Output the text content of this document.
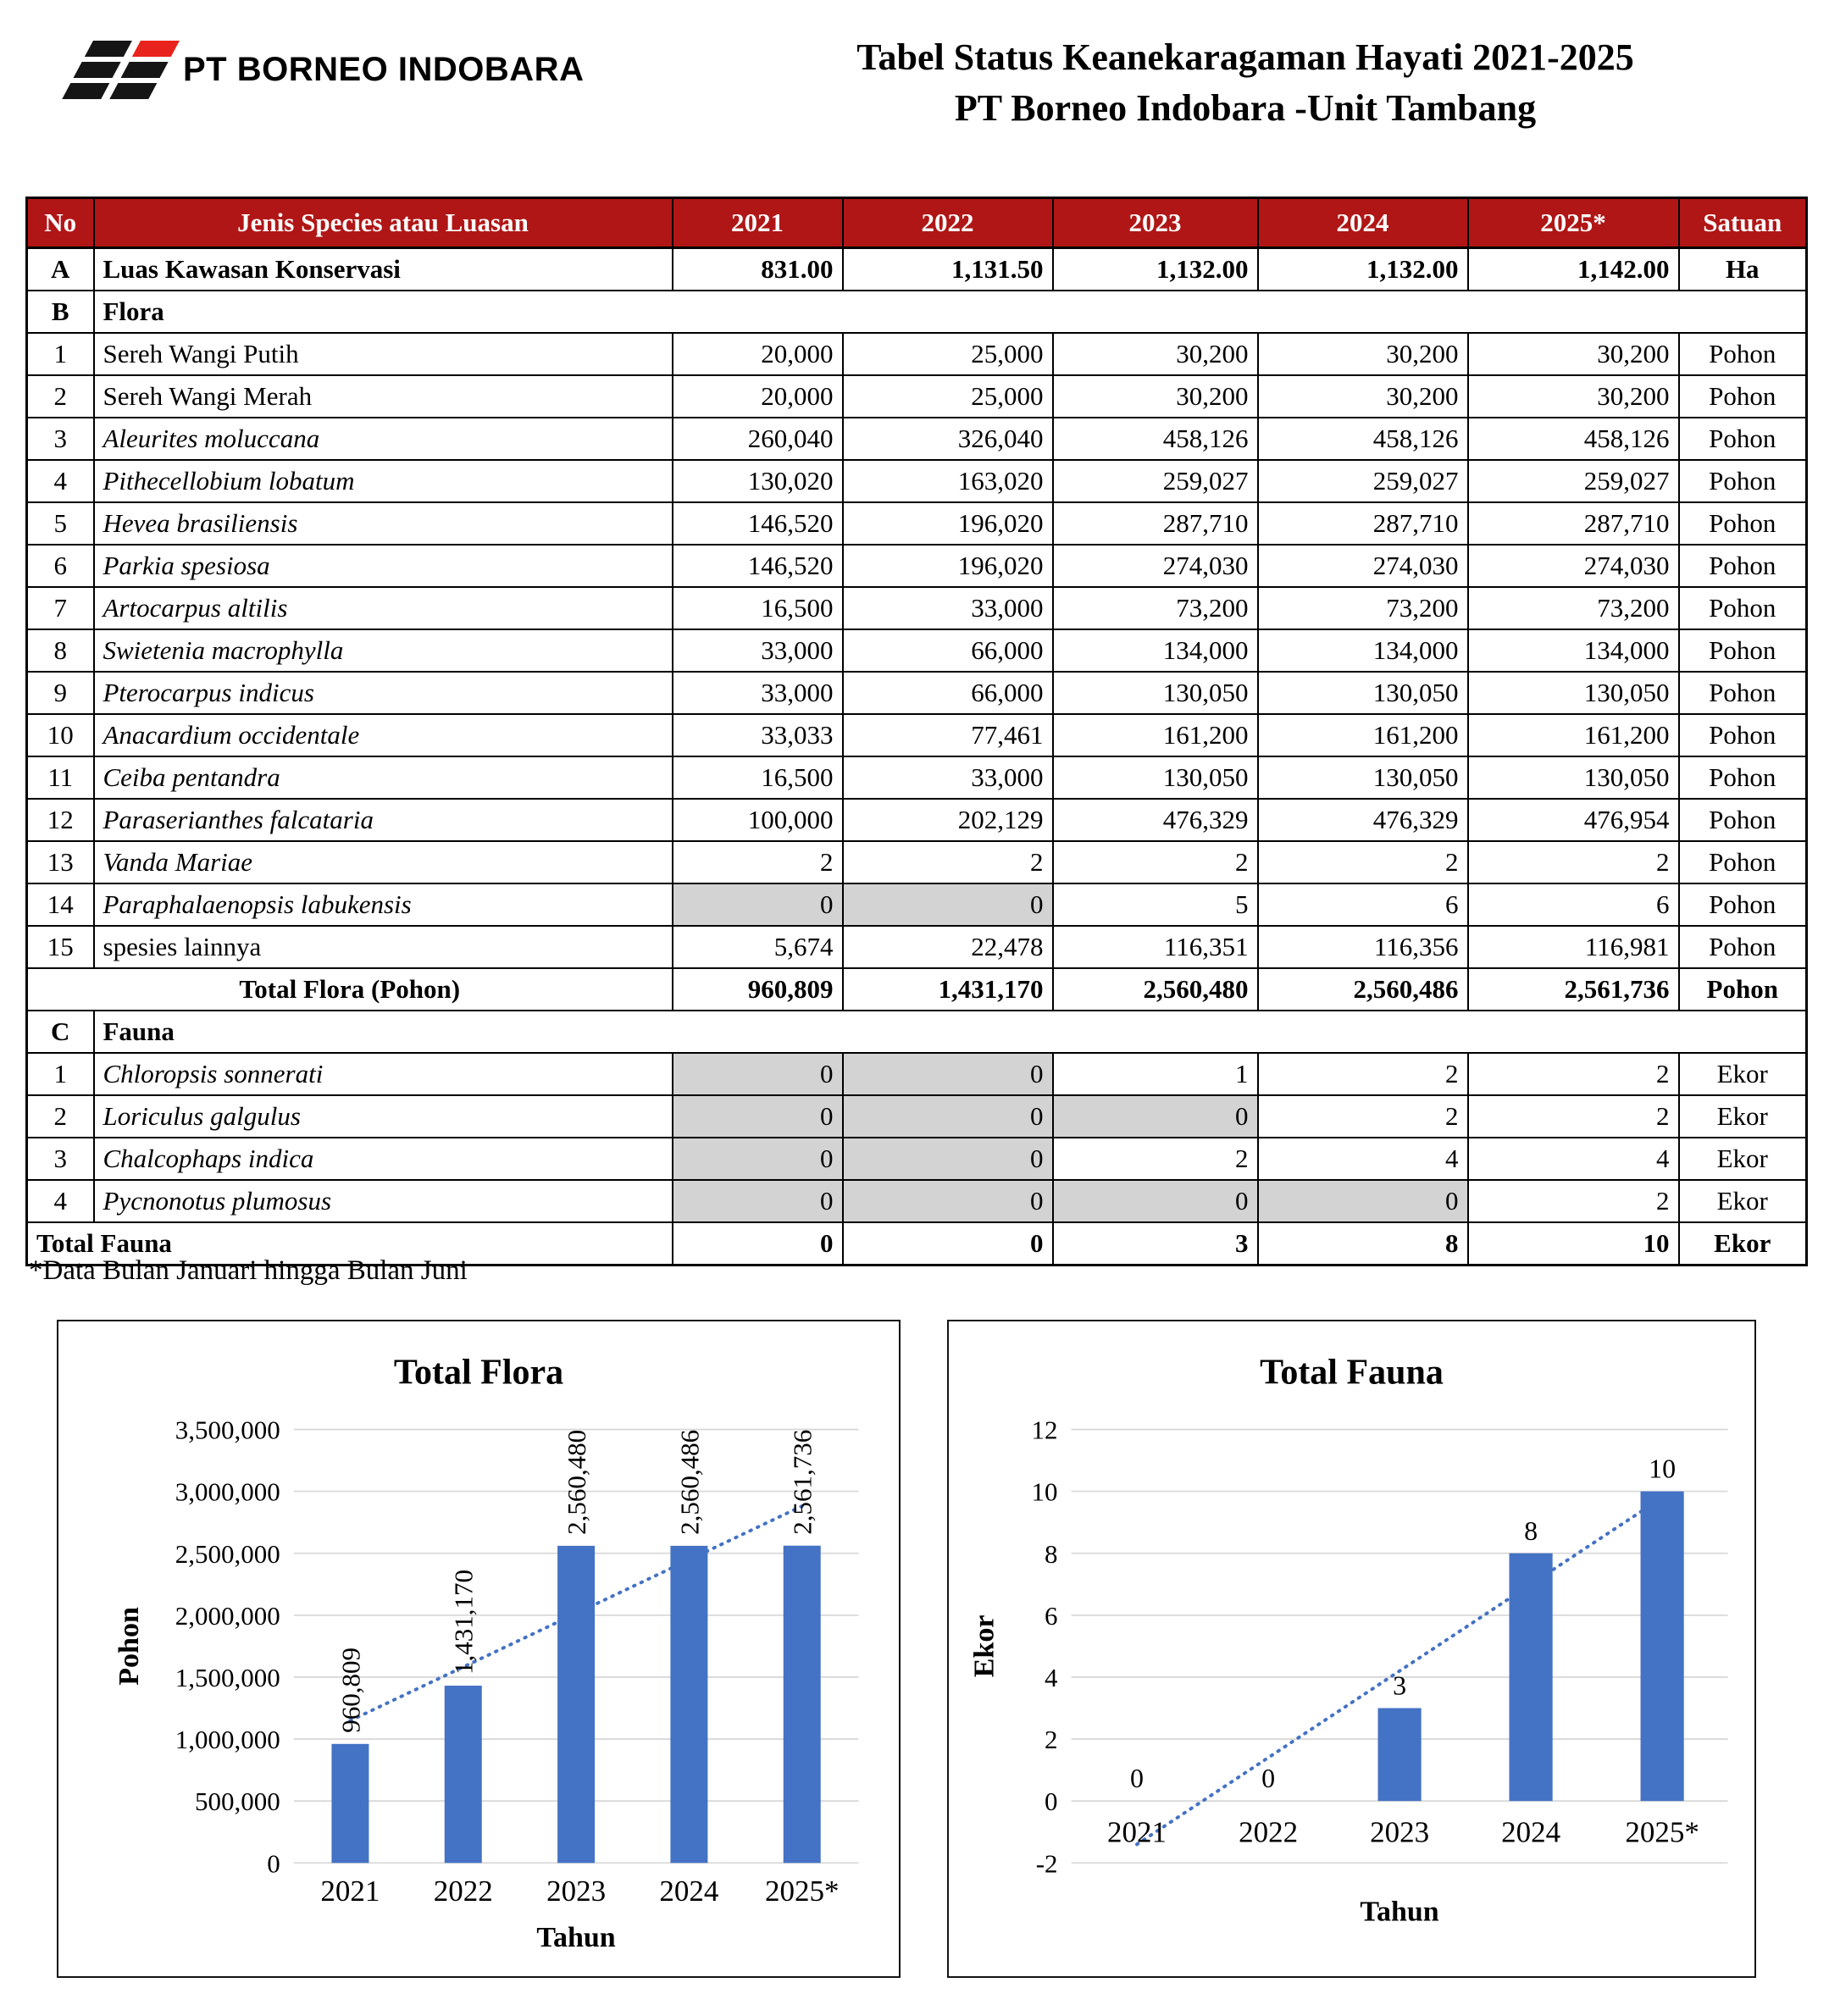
PT BORNEO INDOBARA	Tabel Status Keanekaragaman Hayati 2021-2025
PT Borneo Indobara -Unit Tambang
No	Jenis Species atau Luasan	2021	2022	2023	2024	2025*	Satuan
A	Luas Kawasan Konservasi	831.00	1,131.50	1,132.00	1,132.00	1,142.00	Ha
B	Flora						
1	Sereh Wangi Putih	20,000	25,000	30,200	30,200	30,200	Pohon
2	Sereh Wangi Merah	20,000	25,000	30,200	30,200	30,200	Pohon
3	Aleurites moluccana	260,040	326,040	458,126	458,126	458,126	Pohon
4	Pithecellobium lobatum	130,020	163,020	259,027	259,027	259,027	Pohon
5	Hevea brasiliensis	146,520	196,020	287,710	287,710	287,710	Pohon
6	Parkia spesiosa	146,520	196,020	274,030	274,030	274,030	Pohon
7	Artocarpus altilis	16,500	33,000	73,200	73,200	73,200	Pohon
8	Swietenia macrophylla	33,000	66,000	134,000	134,000	134,000	Pohon
9	Pterocarpus indicus	33,000	66,000	130,050	130,050	130,050	Pohon
10	Anacardium occidentale	33,033	77,461	161,200	161,200	161,200	Pohon
11	Ceiba pentandra	16,500	33,000	130,050	130,050	130,050	Pohon
12	Paraserianthes falcataria	100,000	202,129	476,329	476,329	476,954	Pohon
13	Vanda Mariae	2	2	2	2	2	Pohon
14	Paraphalaenopsis labukensis	0	0	5	6	6	Pohon
15	spesies lainnya	5,674	22,478	116,351	116,356	116,981	Pohon
Total Flora (Pohon)		960,809	1,431,170	2,560,480	2,560,486	2,561,736	Pohon
C	Fauna						
1	Chloropsis sonnerati	0	0	1	2	2	Ekor
2	Loriculus galgulus	0	0	0	2	2	Ekor
3	Chalcophaps indica	0	0	2	4	4	Ekor
4	Pycnonotus plumosus	0	0	0	0	2	Ekor
Total Fauna		0	0	3	8	10	Ekor
*Data Bulan Januari hingga Bulan Juni
Total Flora
0
500,000
1,000,000
1,500,000
2,000,000
2,500,000
3,000,000
3,500,000
960,809
1,431,170
2,560,480	2,560,486	2,561,736
2021 2022 2023 2024 2025*
Tahun
Pohon
Total Fauna
-2
0
2
4
6
8
10
12
0	0
3
8
10
2021 2022 2023 2024 2025*
Tahun
Ekor
